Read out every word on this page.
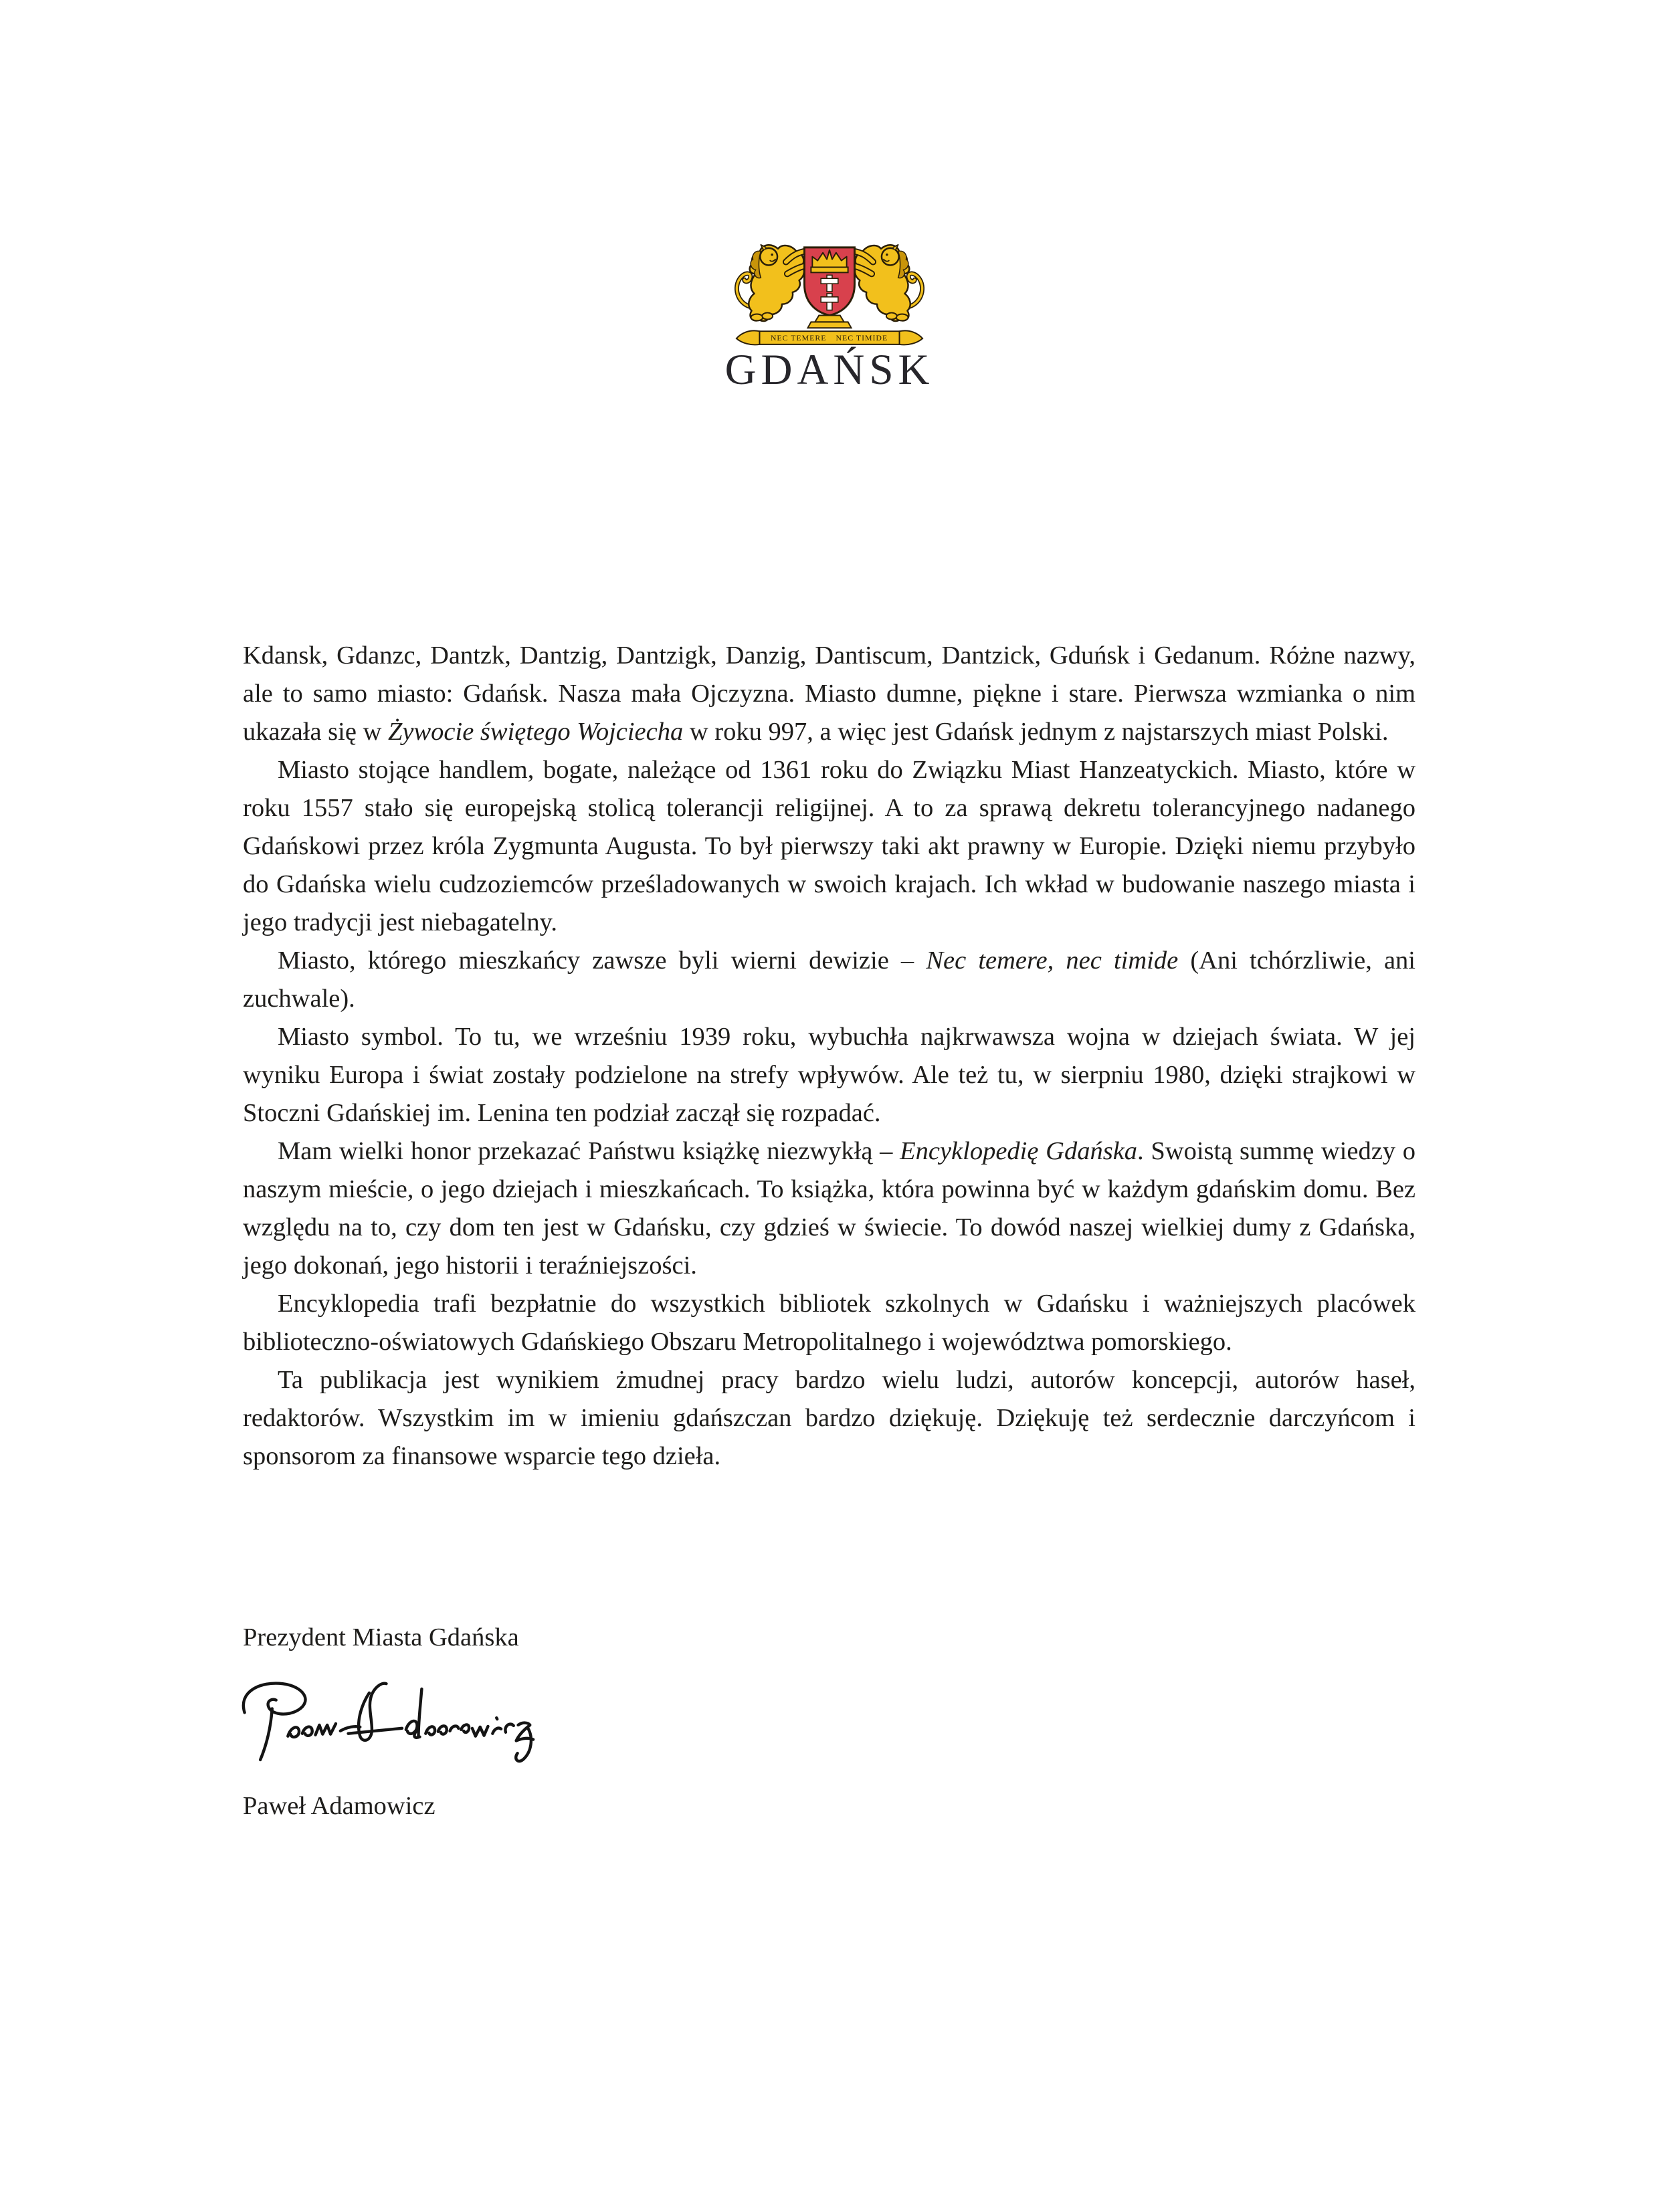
NEC TEMERE NEC TIMIDE
GDAŃSK

Kdansk, Gdanzc, Dantzk, Dantzig, Dantzigk, Danzig, Dantiscum, Dantzick, Gduńsk i Gedanum. Różne nazwy, ale to samo miasto: Gdańsk. Nasza mała Ojczyzna. Miasto dumne, piękne i stare. Pierwsza wzmianka o nim ukazała się w Żywocie świętego Wojciecha w roku 997, a więc jest Gdańsk jednym z najstarszych miast Polski.

Miasto stojące handlem, bogate, należące od 1361 roku do Związku Miast Hanzeatyckich. Miasto, które w roku 1557 stało się europejską stolicą tolerancji religijnej. A to za sprawą dekretu tolerancyjnego nadanego Gdańskowi przez króla Zygmunta Augusta. To był pierwszy taki akt prawny w Europie. Dzięki niemu przybyło do Gdańska wielu cudzoziemców prześladowanych w swoich krajach. Ich wkład w budowanie naszego miasta i jego tradycji jest niebagatelny.

Miasto, którego mieszkańcy zawsze byli wierni dewizie – Nec temere, nec timide (Ani tchórzliwie, ani zuchwale).

Miasto symbol. To tu, we wrześniu 1939 roku, wybuchła najkrwawsza wojna w dziejach świata. W jej wyniku Europa i świat zostały podzielone na strefy wpływów. Ale też tu, w sierpniu 1980, dzięki strajkowi w Stoczni Gdańskiej im. Lenina ten podział zaczął się rozpadać.

Mam wielki honor przekazać Państwu książkę niezwykłą – Encyklopedię Gdańska. Swoistą summę wiedzy o naszym mieście, o jego dziejach i mieszkańcach. To książka, która powinna być w każdym gdańskim domu. Bez względu na to, czy dom ten jest w Gdańsku, czy gdzieś w świecie. To dowód naszej wielkiej dumy z Gdańska, jego dokonań, jego historii i teraźniejszości.

Encyklopedia trafi bezpłatnie do wszystkich bibliotek szkolnych w Gdańsku i ważniejszych placówek biblioteczno-oświatowych Gdańskiego Obszaru Metropolitalnego i województwa pomorskiego.

Ta publikacja jest wynikiem żmudnej pracy bardzo wielu ludzi, autorów koncepcji, autorów haseł, redaktorów. Wszystkim im w imieniu gdańszczan bardzo dziękuję. Dziękuję też serdecznie darczyńcom i sponsorom za finansowe wsparcie tego dzieła.

Prezydent Miasta Gdańska
Paweł Adamowicz
